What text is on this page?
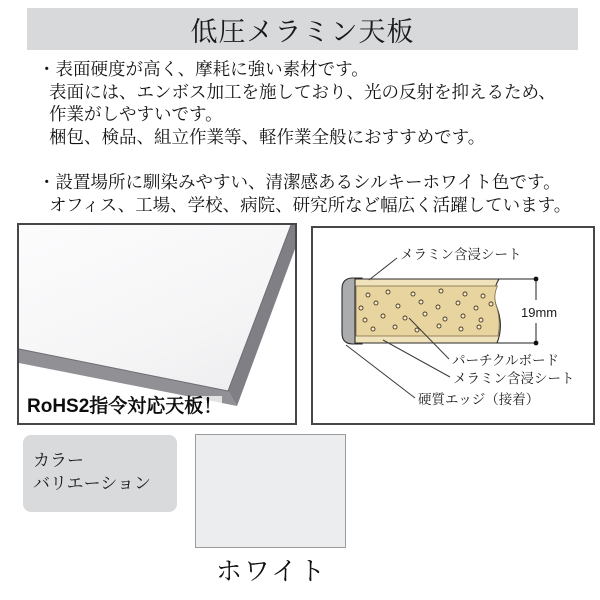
低圧メラミン天板
・表面硬度が高く、摩耗に強い素材です。
表面には、エンボス加工を施しており、光の反射を抑えるため、
作業がしやすいです。
梱包、検品、組立作業等、軽作業全般におすすめです。
・設置場所に馴染みやすい、清潔感あるシルキーホワイト色です。
オフィス、工場、学校、病院、研究所など幅広く活躍しています。
RoHS2指令対応天板！
19mm
メラミン含浸シート
パーチクルボード
メラミン含浸シート
硬質エッジ（接着）
カラー
バリエーション
ホワイト
